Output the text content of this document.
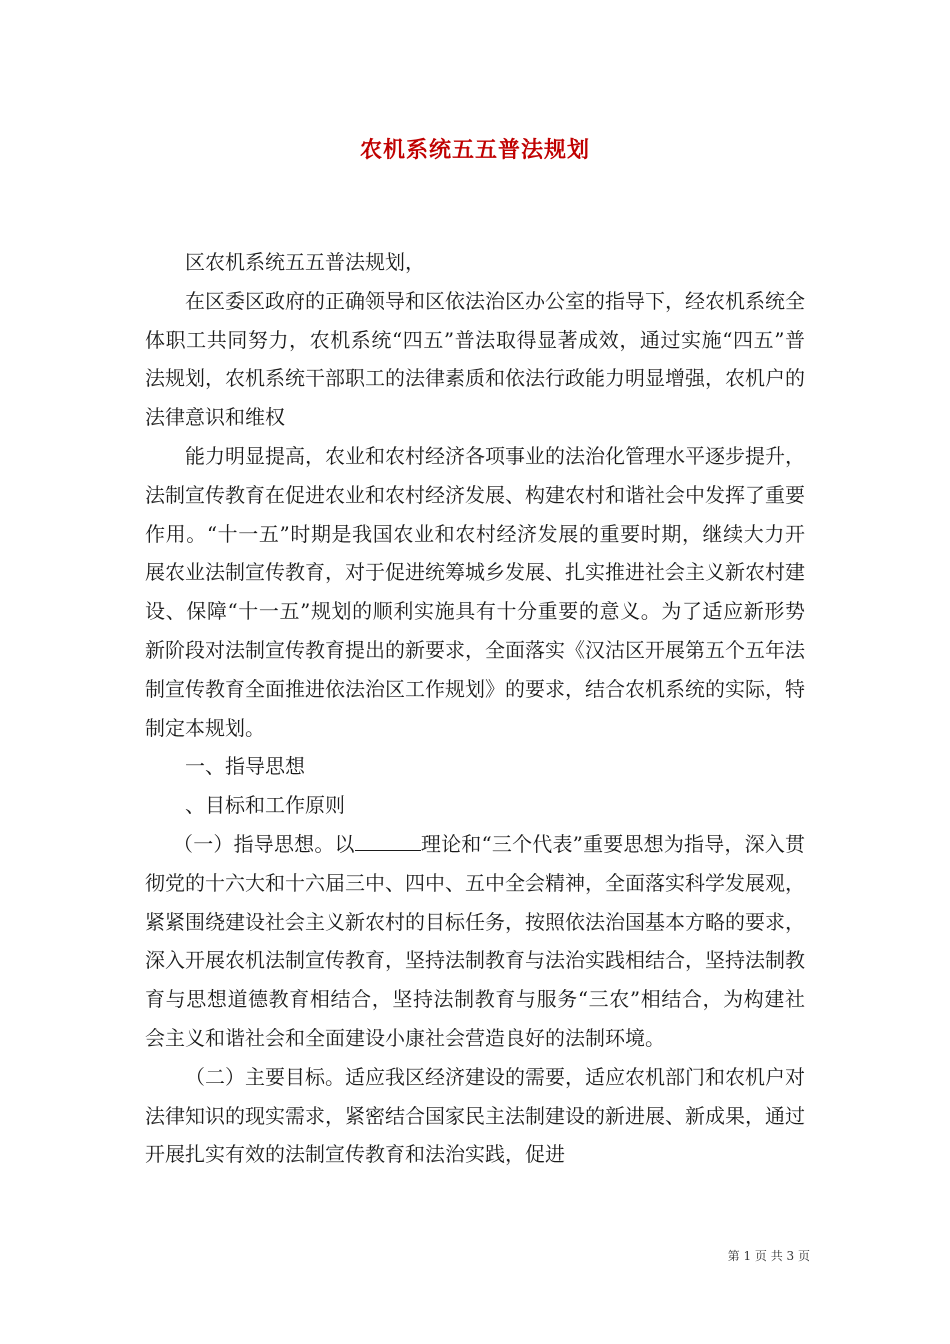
农机系统五五普法规划

区农机系统五五普法规划，

在区委区政府的正确领导和区依法治区办公室的指导下，经农机系统全体职工共同努力，农机系统“四五”普法取得显著成效，通过实施“四五”普法规划，农机系统干部职工的法律素质和依法行政能力明显增强，农机户的法律意识和维权

能力明显提高，农业和农村经济各项事业的法治化管理水平逐步提升，法制宣传教育在促进农业和农村经济发展、构建农村和谐社会中发挥了重要作用。“十一五”时期是我国农业和农村经济发展的重要时期，继续大力开展农业法制宣传教育，对于促进统筹城乡发展、扎实推进社会主义新农村建设、保障“十一五”规划的顺利实施具有十分重要的意义。为了适应新形势新阶段对法制宣传教育提出的新要求，全面落实《汉沽区开展第五个五年法制宣传教育全面推进依法治区工作规划》的要求，结合农机系统的实际，特制定本规划。

一、指导思想

、目标和工作原则

（一）指导思想。以	理论和“三个代表”重要思想为指导，深入贯彻党的十六大和十六届三中、四中、五中全会精神，全面落实科学发展观，紧紧围绕建设社会主义新农村的目标任务，按照依法治国基本方略的要求，深入开展农机法制宣传教育，坚持法制教育与法治实践相结合，坚持法制教育与思想道德教育相结合，坚持法制教育与服务“三农”相结合，为构建社会主义和谐社会和全面建设小康社会营造良好的法制环境。

（二）主要目标。适应我区经济建设的需要，适应农机部门和农机户对法律知识的现实需求，紧密结合国家民主法制建设的新进展、新成果，通过开展扎实有效的法制宣传教育和法治实践，促进

第 1 页 共 3 页
